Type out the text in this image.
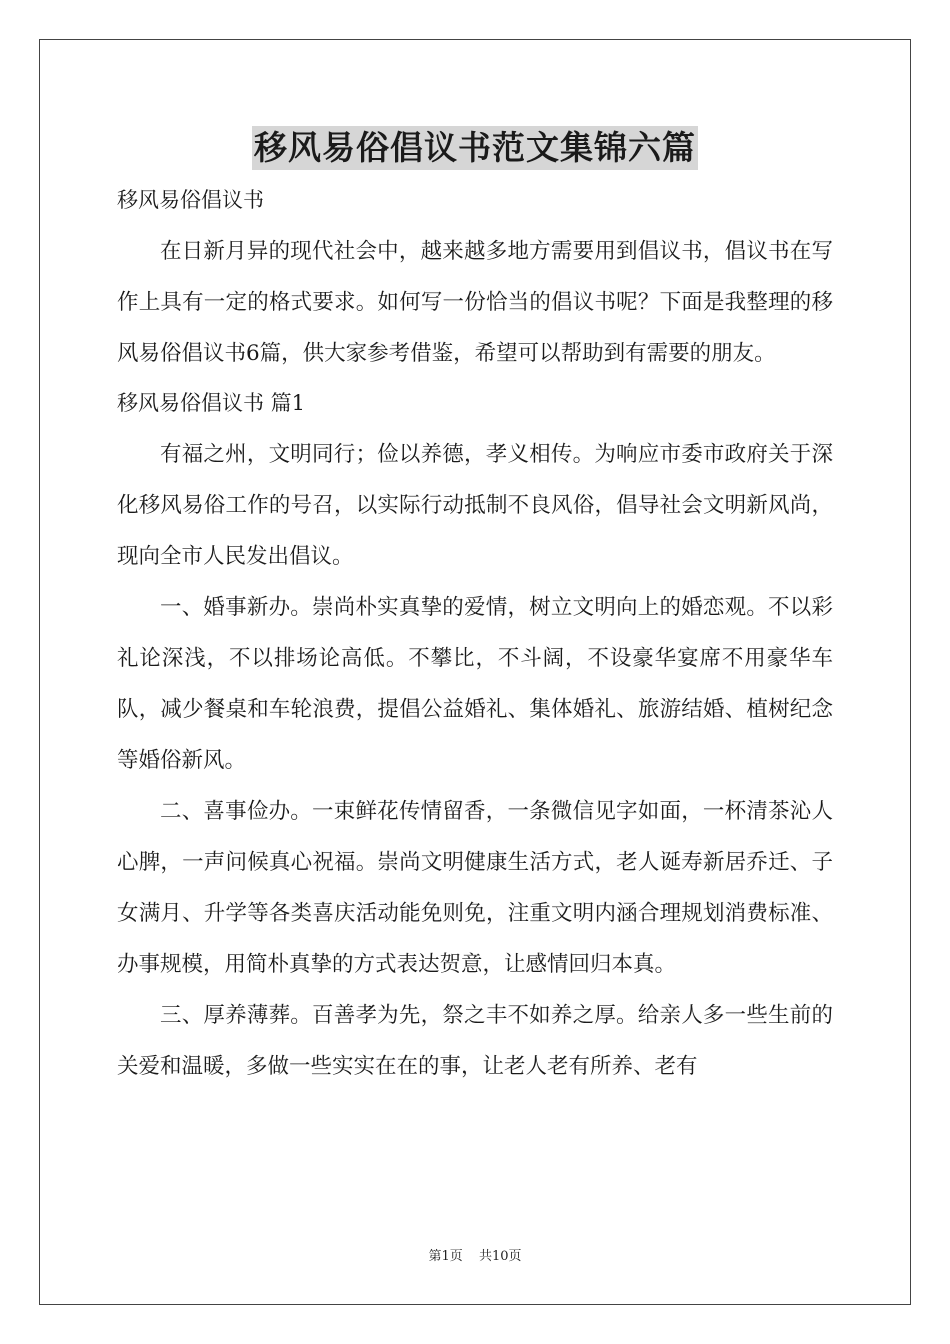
移风易俗倡议书范文集锦六篇

移风易俗倡议书

在日新月异的现代社会中，越来越多地方需要用到倡议书，倡议书在写作上具有一定的格式要求。如何写一份恰当的倡议书呢？下面是我整理的移风易俗倡议书6篇，供大家参考借鉴，希望可以帮助到有需要的朋友。

移风易俗倡议书 篇1

有福之州，文明同行；俭以养德，孝义相传。为响应市委市政府关于深化移风易俗工作的号召，以实际行动抵制不良风俗，倡导社会文明新风尚，现向全市人民发出倡议。

一、婚事新办。崇尚朴实真挚的爱情，树立文明向上的婚恋观。不以彩礼论深浅，不以排场论高低。不攀比，不斗阔，不设豪华宴席不用豪华车队，减少餐桌和车轮浪费，提倡公益婚礼、集体婚礼、旅游结婚、植树纪念等婚俗新风。

二、喜事俭办。一束鲜花传情留香，一条微信见字如面，一杯清茶沁人心脾，一声问候真心祝福。崇尚文明健康生活方式，老人诞寿新居乔迁、子女满月、升学等各类喜庆活动能免则免，注重文明内涵合理规划消费标准、办事规模，用简朴真挚的方式表达贺意，让感情回归本真。

三、厚养薄葬。百善孝为先，祭之丰不如养之厚。给亲人多一些生前的关爱和温暖，多做一些实实在在的事，让老人老有所养、老有

第1页 共10页
